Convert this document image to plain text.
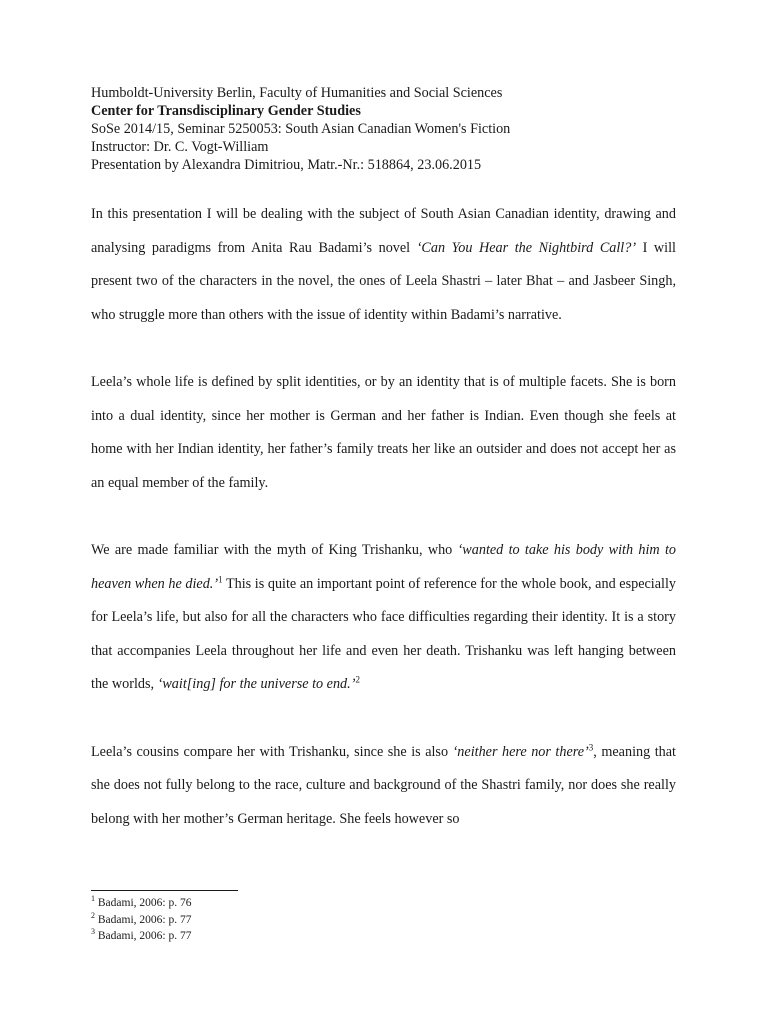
Humboldt-University Berlin, Faculty of Humanities and Social Sciences
Center for Transdisciplinary Gender Studies
SoSe 2014/15, Seminar 5250053: South Asian Canadian Women's Fiction
Instructor: Dr. C. Vogt-William
Presentation by Alexandra Dimitriou, Matr.-Nr.: 518864, 23.06.2015

In this presentation I will be dealing with the subject of South Asian Canadian identity, drawing and analysing paradigms from Anita Rau Badami’s novel ‘Can You Hear the Nightbird Call?’ I will present two of the characters in the novel, the ones of Leela Shastri – later Bhat – and Jasbeer Singh, who struggle more than others with the issue of identity within Badami’s narrative.

Leela’s whole life is defined by split identities, or by an identity that is of multiple facets. She is born into a dual identity, since her mother is German and her father is Indian. Even though she feels at home with her Indian identity, her father’s family treats her like an outsider and does not accept her as an equal member of the family.

We are made familiar with the myth of King Trishanku, who ‘wanted to take his body with him to heaven when he died.’$^1$ This is quite an important point of reference for the whole book, and especially for Leela’s life, but also for all the characters who face difficulties regarding their identity. It is a story that accompanies Leela throughout her life and even her death. Trishanku was left hanging between the worlds, ‘wait[ing] for the universe to end.’$^2$

Leela’s cousins compare her with Trishanku, since she is also ‘neither here nor there’$^3$, meaning that she does not fully belong to the race, culture and background of the Shastri family, nor does she really belong with her mother’s German heritage. She feels however so

$^1$ Badami, 2006: p. 76
$^2$ Badami, 2006: p. 77
$^3$ Badami, 2006: p. 77
